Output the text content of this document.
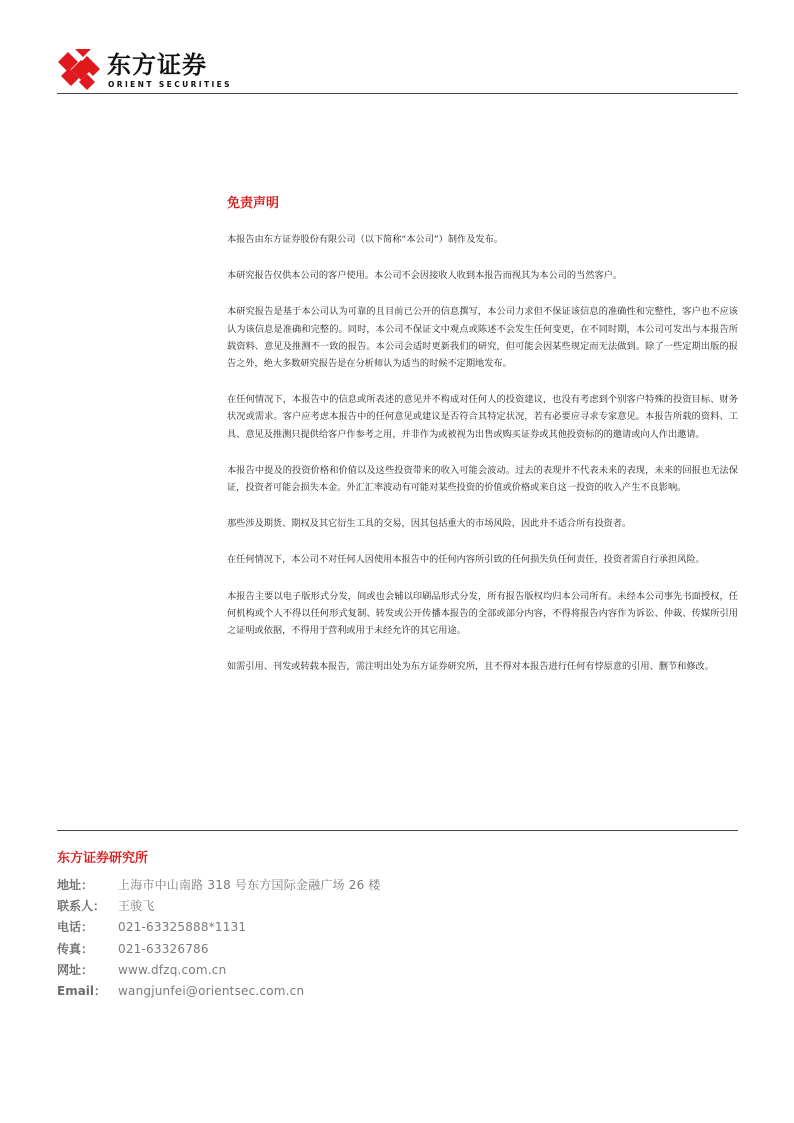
东方证券
ORIENT SECURITIES
免责声明

本报告由东方证券股份有限公司（以下简称“本公司”）制作及发布。

本研究报告仅供本公司的客户使用。本公司不会因接收人收到本报告而视其为本公司的当然客户。

本研究报告是基于本公司认为可靠的且目前已公开的信息撰写，本公司力求但不保证该信息的准确性和完整性，客户也不应该认为该信息是准确和完整的。同时，本公司不保证文中观点或陈述不会发生任何变更，在不同时期，本公司可发出与本报告所载资料、意见及推测不一致的报告。本公司会适时更新我们的研究，但可能会因某些规定而无法做到。除了一些定期出版的报告之外，绝大多数研究报告是在分析师认为适当的时候不定期地发布。

在任何情况下，本报告中的信息或所表述的意见并不构成对任何人的投资建议，也没有考虑到个别客户特殊的投资目标、财务状况或需求。客户应考虑本报告中的任何意见或建议是否符合其特定状况，若有必要应寻求专家意见。本报告所载的资料、工具、意见及推测只提供给客户作参考之用，并非作为或被视为出售或购买证券或其他投资标的的邀请或向人作出邀请。

本报告中提及的投资价格和价值以及这些投资带来的收入可能会波动。过去的表现并不代表未来的表现，未来的回报也无法保证，投资者可能会损失本金。外汇汇率波动有可能对某些投资的价值或价格或来自这一投资的收入产生不良影响。

那些涉及期货、期权及其它衍生工具的交易，因其包括重大的市场风险，因此并不适合所有投资者。

在任何情况下，本公司不对任何人因使用本报告中的任何内容所引致的任何损失负任何责任，投资者需自行承担风险。

本报告主要以电子版形式分发，间或也会辅以印刷品形式分发，所有报告版权均归本公司所有。未经本公司事先书面授权，任何机构或个人不得以任何形式复制、转发或公开传播本报告的全部或部分内容，不得将报告内容作为诉讼、仲裁、传媒所引用之证明或依据，不得用于营利或用于未经允许的其它用途。

如需引用、刊发或转载本报告，需注明出处为东方证券研究所，且不得对本报告进行任何有悖原意的引用、删节和修改。

东方证券研究所
地址： 上海市中山南路 318 号东方国际金融广场 26 楼
联系人： 王骏飞
电话： 021-63325888*1131
传真： 021-63326786
网址： www.dfzq.com.cn
Email： wangjunfei@orientsec.com.cn
